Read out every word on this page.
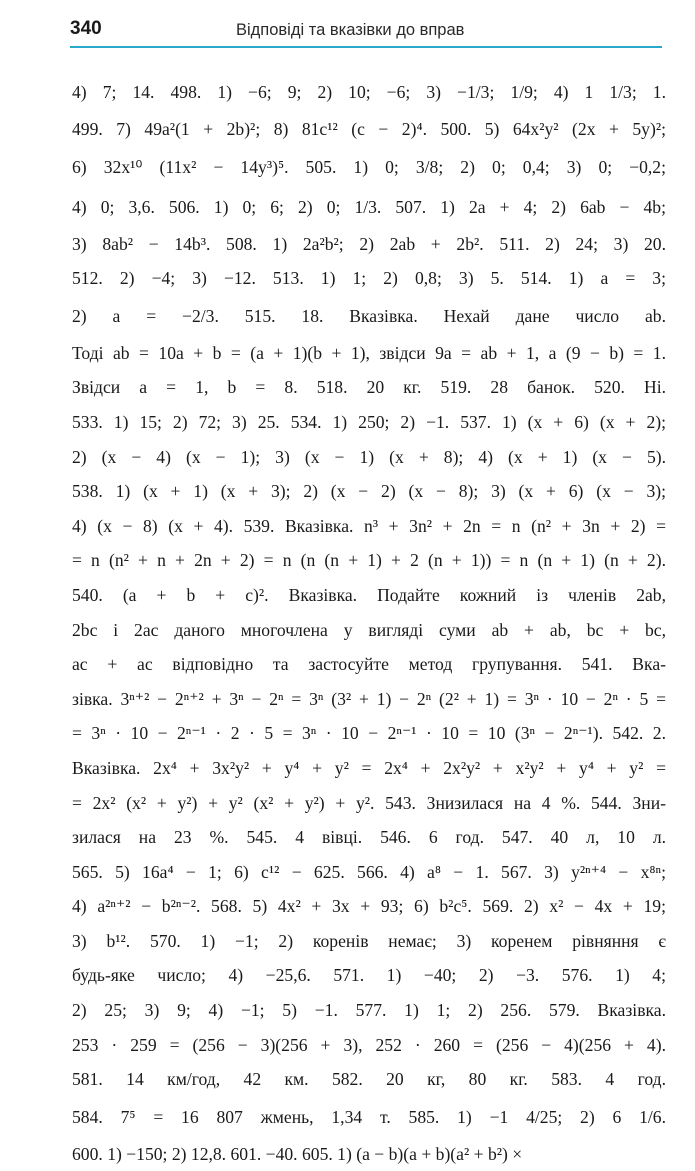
340	Відповіді та вказівки до вправ
4) 7; 14. 498. 1) −6; 9; 2) 10; −6; 3) −1/3; 1/9; 4) 1 1/3; 1.
499. 7) 49a²(1 + 2b)²; 8) 81c¹² (c − 2)⁴. 500. 5) 64x²y² (2x + 5y)²;
6) 32x¹⁰ (11x² − 14y³)⁵. 505. 1) 0; 3/8; 2) 0; 0,4; 3) 0; −0,2;
4) 0; 3,6. 506. 1) 0; 6; 2) 0; 1/3. 507. 1) 2a + 4; 2) 6ab − 4b;
3) 8ab² − 14b³. 508. 1) 2a²b²; 2) 2ab + 2b². 511. 2) 24; 3) 20.
512. 2) −4; 3) −12. 513. 1) 1; 2) 0,8; 3) 5. 514. 1) a = 3;
2) a = −2/3. 515. 18. Вказівка. Нехай дане число ab.
Тоді ab = 10a + b = (a + 1)(b + 1), звідси 9a = ab + 1, a (9 − b) = 1.
Звідси a = 1, b = 8. 518. 20 кг. 519. 28 банок. 520. Ні.
533. 1) 15; 2) 72; 3) 25. 534. 1) 250; 2) −1. 537. 1) (x + 6) (x + 2);
2) (x − 4) (x − 1); 3) (x − 1) (x + 8); 4) (x + 1) (x − 5).
538. 1) (x + 1) (x + 3); 2) (x − 2) (x − 8); 3) (x + 6) (x − 3);
4) (x − 8) (x + 4). 539. Вказівка. n³ + 3n² + 2n = n (n² + 3n + 2) =
= n (n² + n + 2n + 2) = n (n (n + 1) + 2 (n + 1)) = n (n + 1) (n + 2).
540. (a + b + c)². Вказівка. Подайте кожний із членів 2ab,
2bc і 2ac даного многочлена у вигляді суми ab + ab, bc + bc,
ac + ac відповідно та застосуйте метод групування. 541. Вка-
зівка. 3ⁿ⁺² − 2ⁿ⁺² + 3ⁿ − 2ⁿ = 3ⁿ (3² + 1) − 2ⁿ (2² + 1) = 3ⁿ · 10 − 2ⁿ · 5 =
= 3ⁿ · 10 − 2ⁿ⁻¹ · 2 · 5 = 3ⁿ · 10 − 2ⁿ⁻¹ · 10 = 10 (3ⁿ − 2ⁿ⁻¹). 542. 2.
Вказівка. 2x⁴ + 3x²y² + y⁴ + y² = 2x⁴ + 2x²y² + x²y² + y⁴ + y² =
= 2x² (x² + y²) + y² (x² + y²) + y². 543. Знизилася на 4 %. 544. Зни-
зилася на 23 %. 545. 4 вівці. 546. 6 год. 547. 40 л, 10 л.
565. 5) 16a⁴ − 1; 6) c¹² − 625. 566. 4) a⁸ − 1. 567. 3) y²ⁿ⁺⁴ − x⁸ⁿ;
4) a²ⁿ⁺² − b²ⁿ⁻². 568. 5) 4x² + 3x + 93; 6) b²c⁵. 569. 2) x² − 4x + 19;
3) b¹². 570. 1) −1; 2) коренів немає; 3) коренем рівняння є
будь-яке число; 4) −25,6. 571. 1) −40; 2) −3. 576. 1) 4;
2) 25; 3) 9; 4) −1; 5) −1. 577. 1) 1; 2) 256. 579. Вказівка.
253 · 259 = (256 − 3)(256 + 3), 252 · 260 = (256 − 4)(256 + 4).
581. 14 км/год, 42 км. 582. 20 кг, 80 кг. 583. 4 год.
584. 7⁵ = 16 807 жмень, 1,34 т. 585. 1) −1 4/25; 2) 6 1/6.
600. 1) −150; 2) 12,8. 601. −40. 605. 1) (a − b)(a + b)(a² + b²) ×
